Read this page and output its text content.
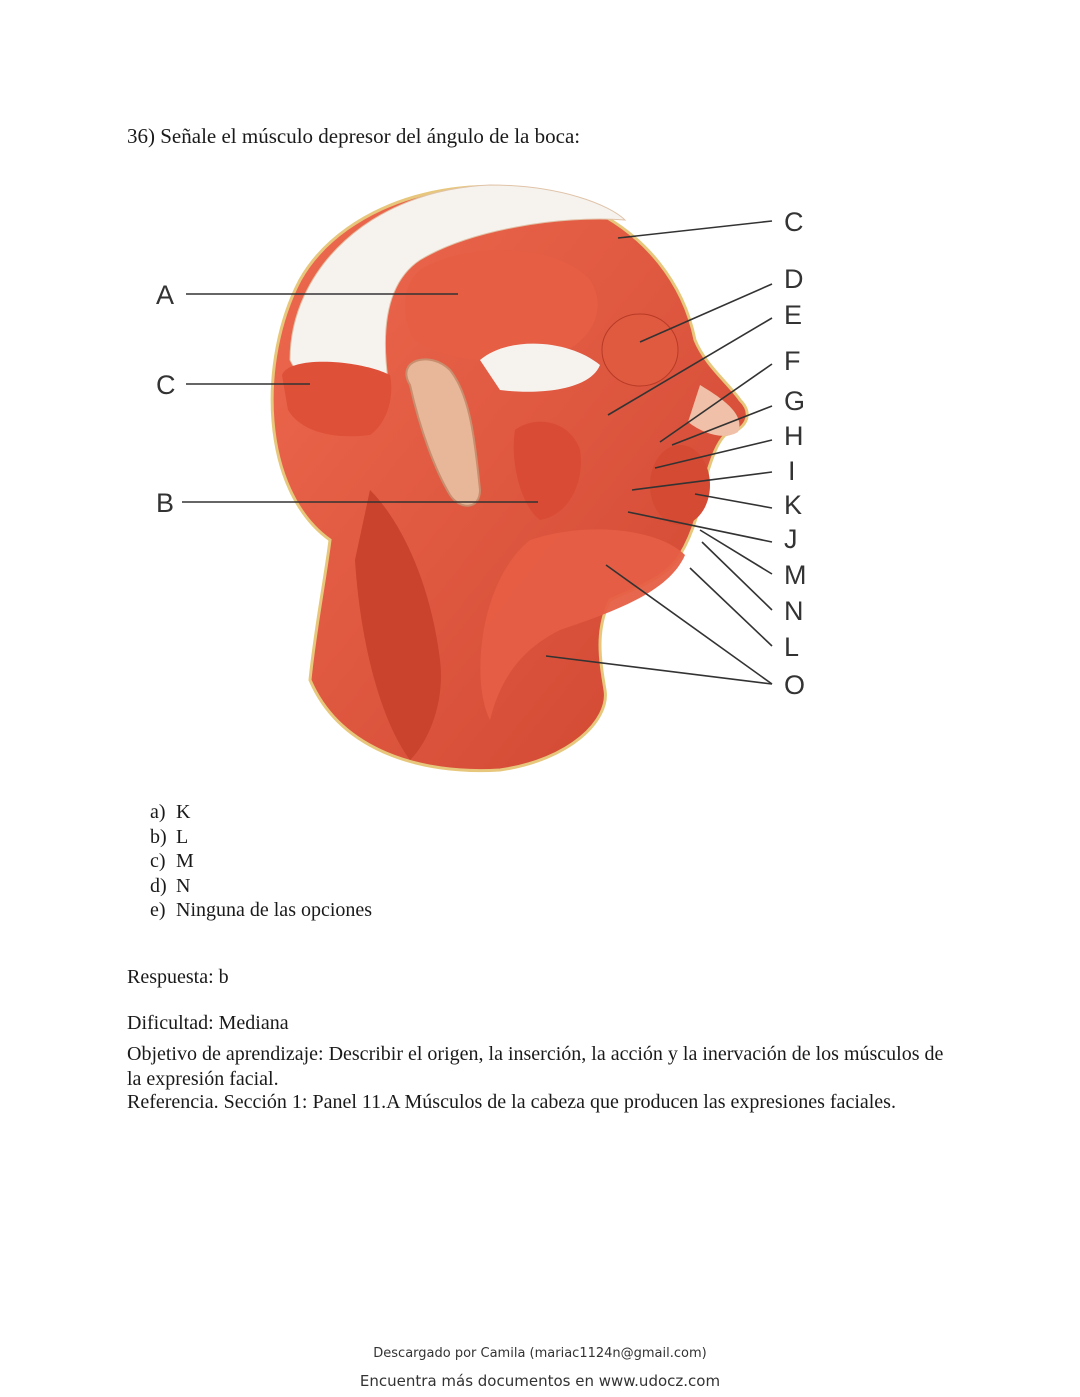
36) Señale el músculo depresor del ángulo de la boca:
A
C
B
C
D
E
F
G
H
I
K
J
M
N
L
O
a) K
b) L
c) M
d) N
e) Ninguna de las opciones
Respuesta: b
Dificultad: Mediana
Objetivo de aprendizaje: Describir el origen, la inserción, la acción y la inervación de los músculos de la expresión facial.
Referencia. Sección 1: Panel 11.A Músculos de la cabeza que producen las expresiones faciales.
Descargado por Camila (mariac1124n@gmail.com)
Encuentra más documentos en www.udocz.com
